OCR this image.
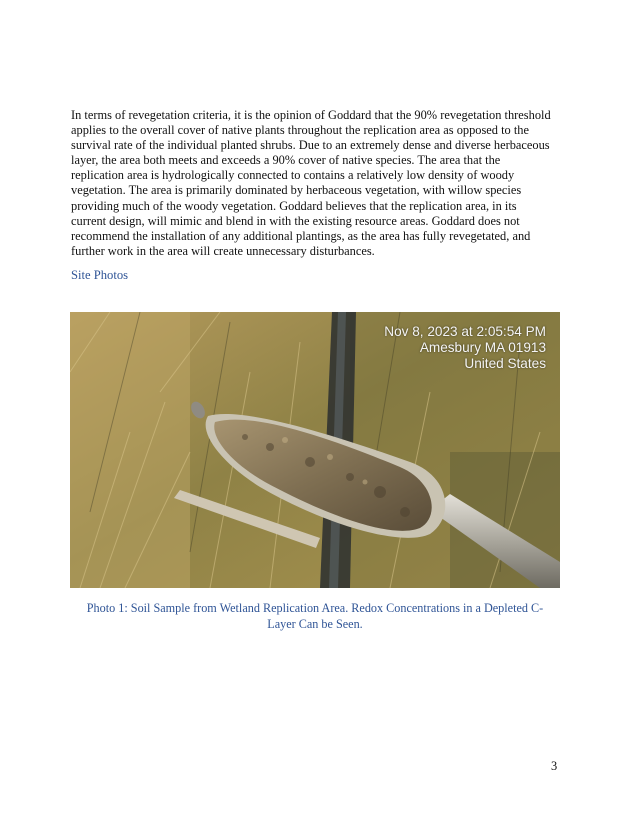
In terms of revegetation criteria, it is the opinion of Goddard that the 90% revegetation threshold
applies to the overall cover of native plants throughout the replication area as opposed to the
survival rate of the individual planted shrubs. Due to an extremely dense and diverse herbaceous
layer, the area both meets and exceeds a 90% cover of native species. The area that the
replication area is hydrologically connected to contains a relatively low density of woody
vegetation. The area is primarily dominated by herbaceous vegetation, with willow species
providing much of the woody vegetation. Goddard believes that the replication area, in its
current design, will mimic and blend in with the existing resource areas. Goddard does not
recommend the installation of any additional plantings, as the area has fully revegetated, and
further work in the area will create unnecessary disturbances.

Site Photos

Nov 8, 2023 at 2:05:54 PM
Amesbury MA 01913
United States

Photo 1: Soil Sample from Wetland Replication Area. Redox Concentrations in a Depleted C-
Layer Can be Seen.

3
